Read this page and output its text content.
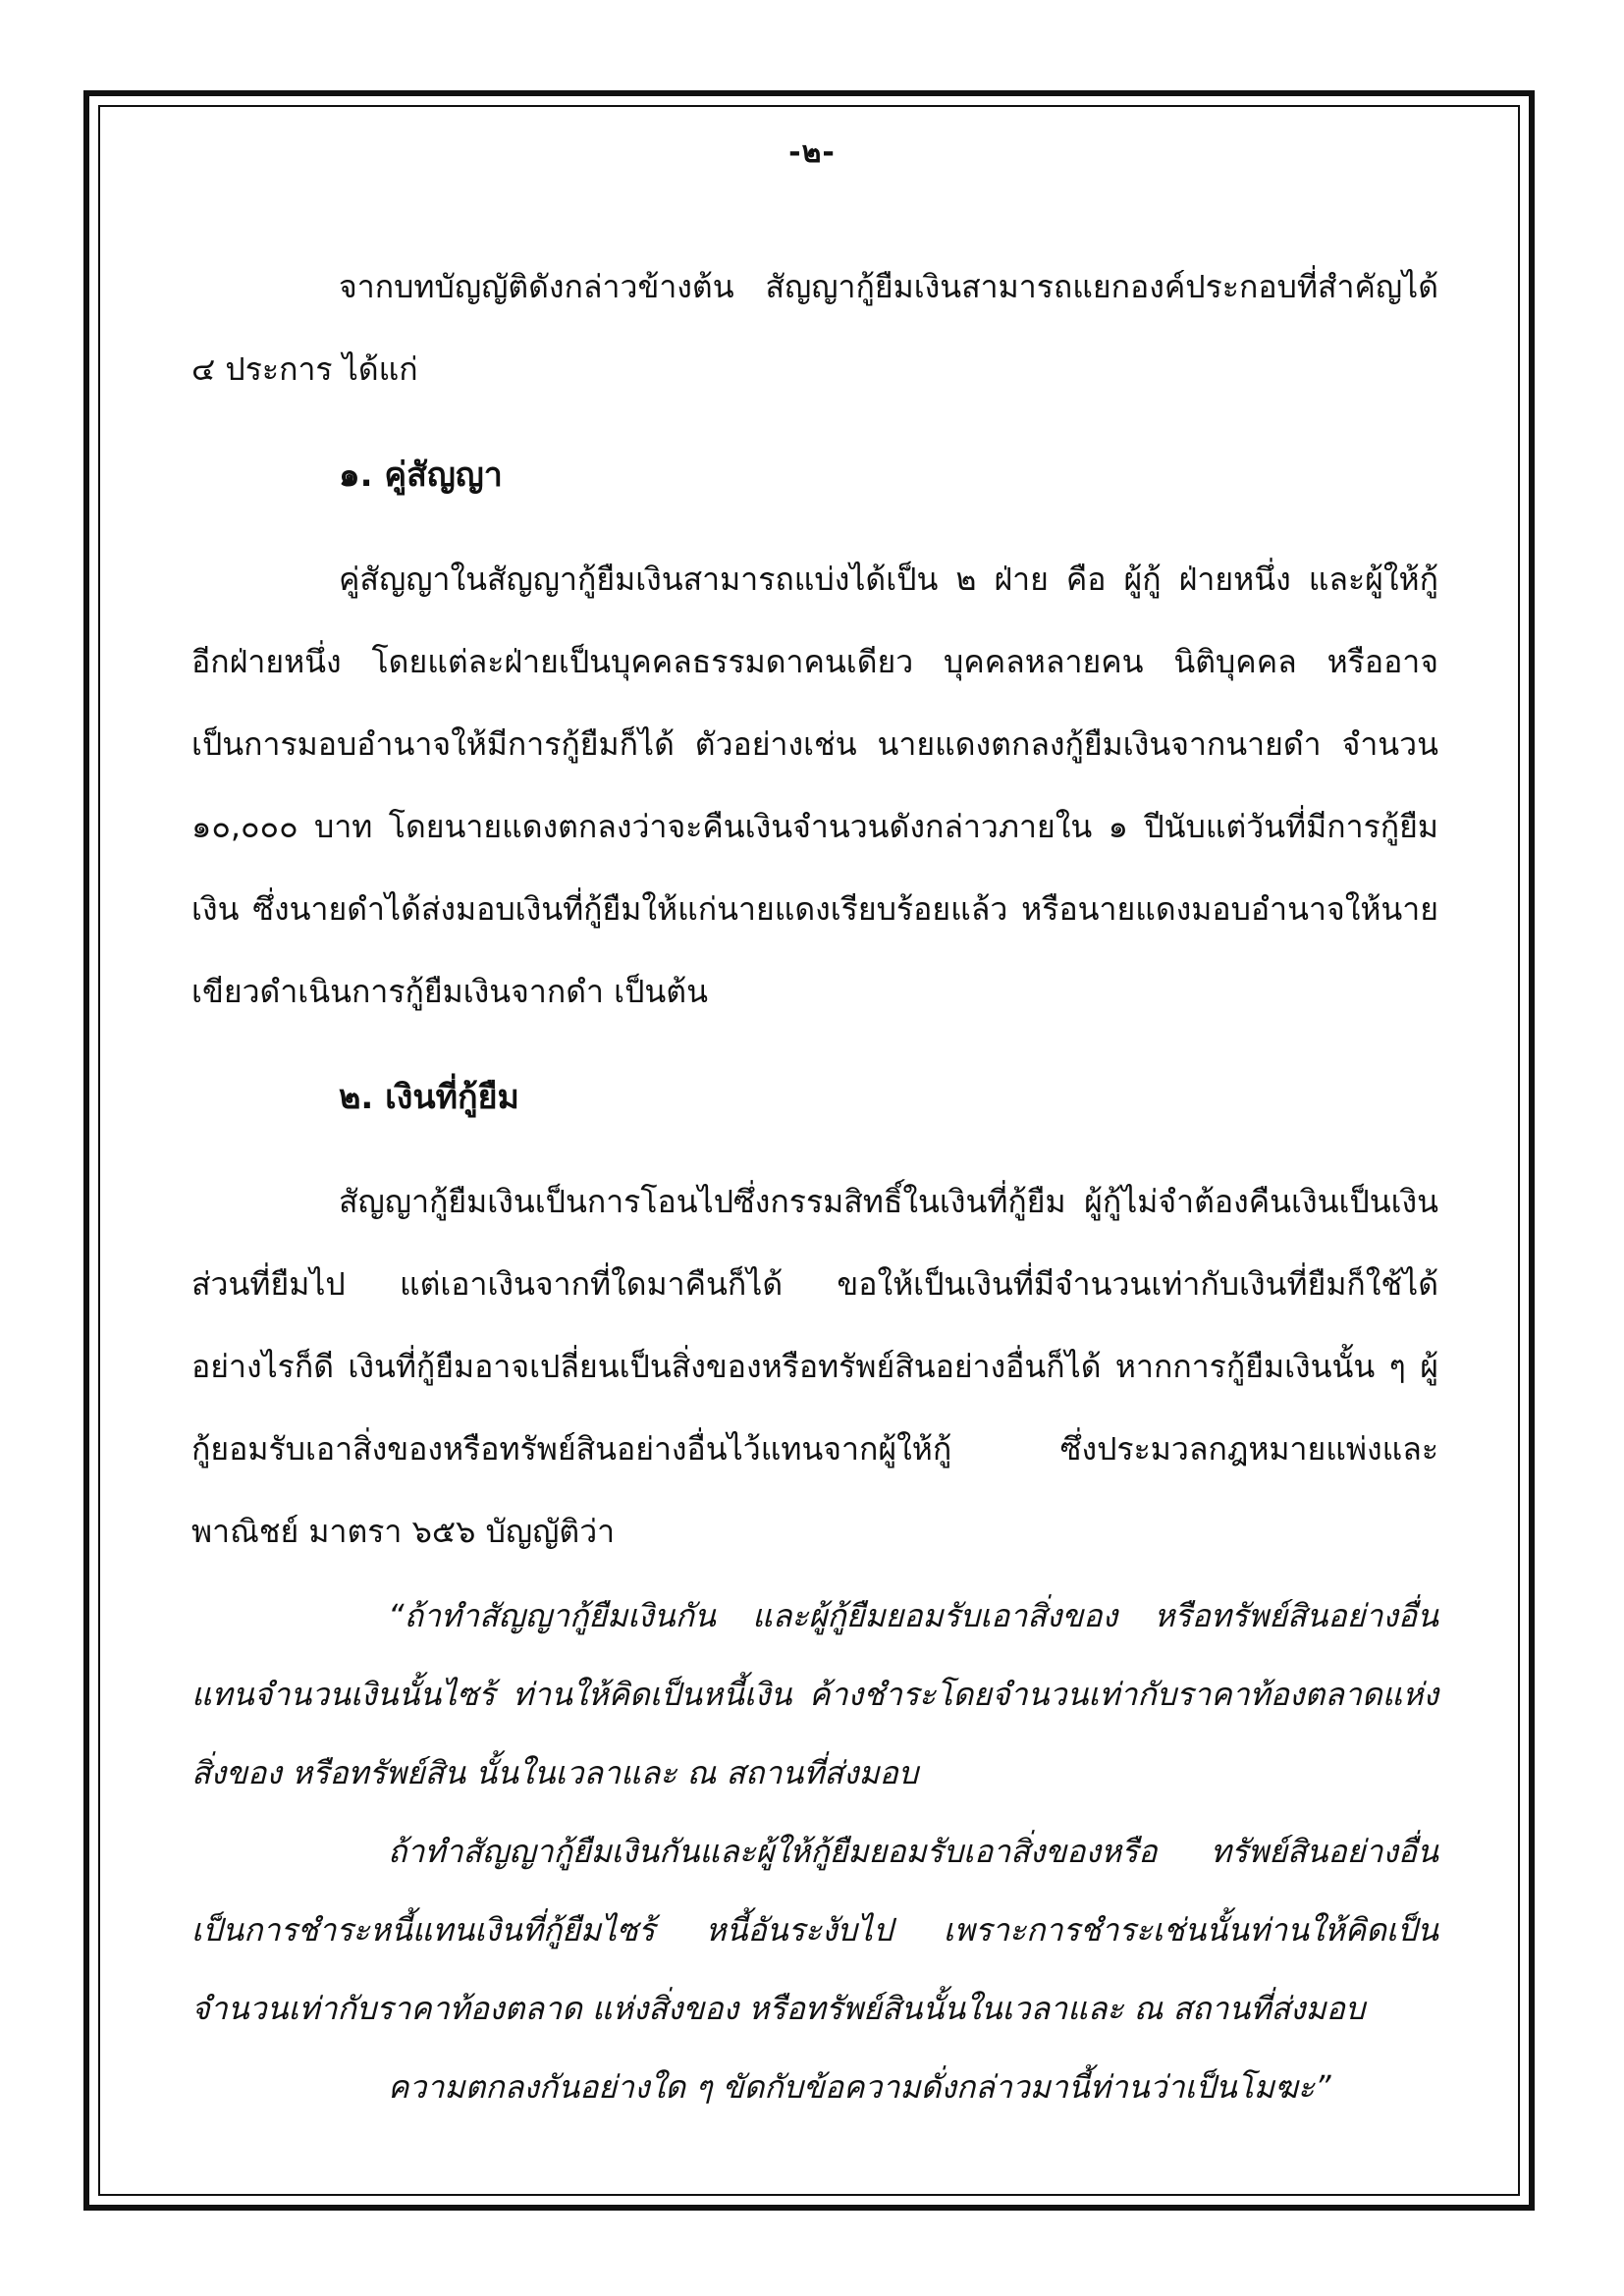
-๒-

จากบทบัญญัติดังกล่าวข้างต้น สัญญากู้ยืมเงินสามารถแยกองค์ประกอบที่สำคัญได้ ๔ ประการ ได้แก่

๑. คู่สัญญา

คู่สัญญาในสัญญากู้ยืมเงินสามารถแบ่งได้เป็น ๒ ฝ่าย คือ ผู้กู้ ฝ่ายหนึ่ง และผู้ให้กู้ อีกฝ่ายหนึ่ง โดยแต่ละฝ่ายเป็นบุคคลธรรมดาคนเดียว บุคคลหลายคน นิติบุคคล หรืออาจเป็นการมอบอำนาจให้มีการกู้ยืมก็ได้ ตัวอย่างเช่น นายแดงตกลงกู้ยืมเงินจากนายดำ จำนวน ๑๐,๐๐๐ บาท โดยนายแดงตกลงว่าจะคืนเงินจำนวนดังกล่าวภายใน ๑ ปีนับแต่วันที่มีการกู้ยืมเงิน ซึ่งนายดำได้ส่งมอบเงินที่กู้ยืมให้แก่นายแดงเรียบร้อยแล้ว หรือนายแดงมอบอำนาจให้นายเขียวดำเนินการกู้ยืมเงินจากดำ เป็นต้น

๒. เงินที่กู้ยืม

สัญญากู้ยืมเงินเป็นการโอนไปซึ่งกรรมสิทธิ์ในเงินที่กู้ยืม ผู้กู้ไม่จำต้องคืนเงินเป็นเงินส่วนที่ยืมไป แต่เอาเงินจากที่ใดมาคืนก็ได้ ขอให้เป็นเงินที่มีจำนวนเท่ากับเงินที่ยืมก็ใช้ได้ อย่างไรก็ดี เงินที่กู้ยืมอาจเปลี่ยนเป็นสิ่งของหรือทรัพย์สินอย่างอื่นก็ได้ หากการกู้ยืมเงินนั้น ๆ ผู้กู้ยอมรับเอาสิ่งของหรือทรัพย์สินอย่างอื่นไว้แทนจากผู้ให้กู้ ซึ่งประมวลกฎหมายแพ่งและพาณิชย์ มาตรา ๖๕๖ บัญญัติว่า

“ถ้าทำสัญญากู้ยืมเงินกัน และผู้กู้ยืมยอมรับเอาสิ่งของ หรือทรัพย์สินอย่างอื่นแทนจำนวนเงินนั้นไซร้ ท่านให้คิดเป็นหนี้เงิน ค้างชำระโดยจำนวนเท่ากับราคาท้องตลาดแห่งสิ่งของ หรือทรัพย์สิน นั้นในเวลาและ ณ สถานที่ส่งมอบ

ถ้าทำสัญญากู้ยืมเงินกันและผู้ให้กู้ยืมยอมรับเอาสิ่งของหรือ ทรัพย์สินอย่างอื่นเป็นการชำระหนี้แทนเงินที่กู้ยืมไซร้ หนี้อันระงับไป เพราะการชำระเช่นนั้นท่านให้คิดเป็นจำนวนเท่ากับราคาท้องตลาด แห่งสิ่งของ หรือทรัพย์สินนั้นในเวลาและ ณ สถานที่ส่งมอบ

ความตกลงกันอย่างใด ๆ ขัดกับข้อความดั่งกล่าวมานี้ท่านว่าเป็นโมฆะ”
